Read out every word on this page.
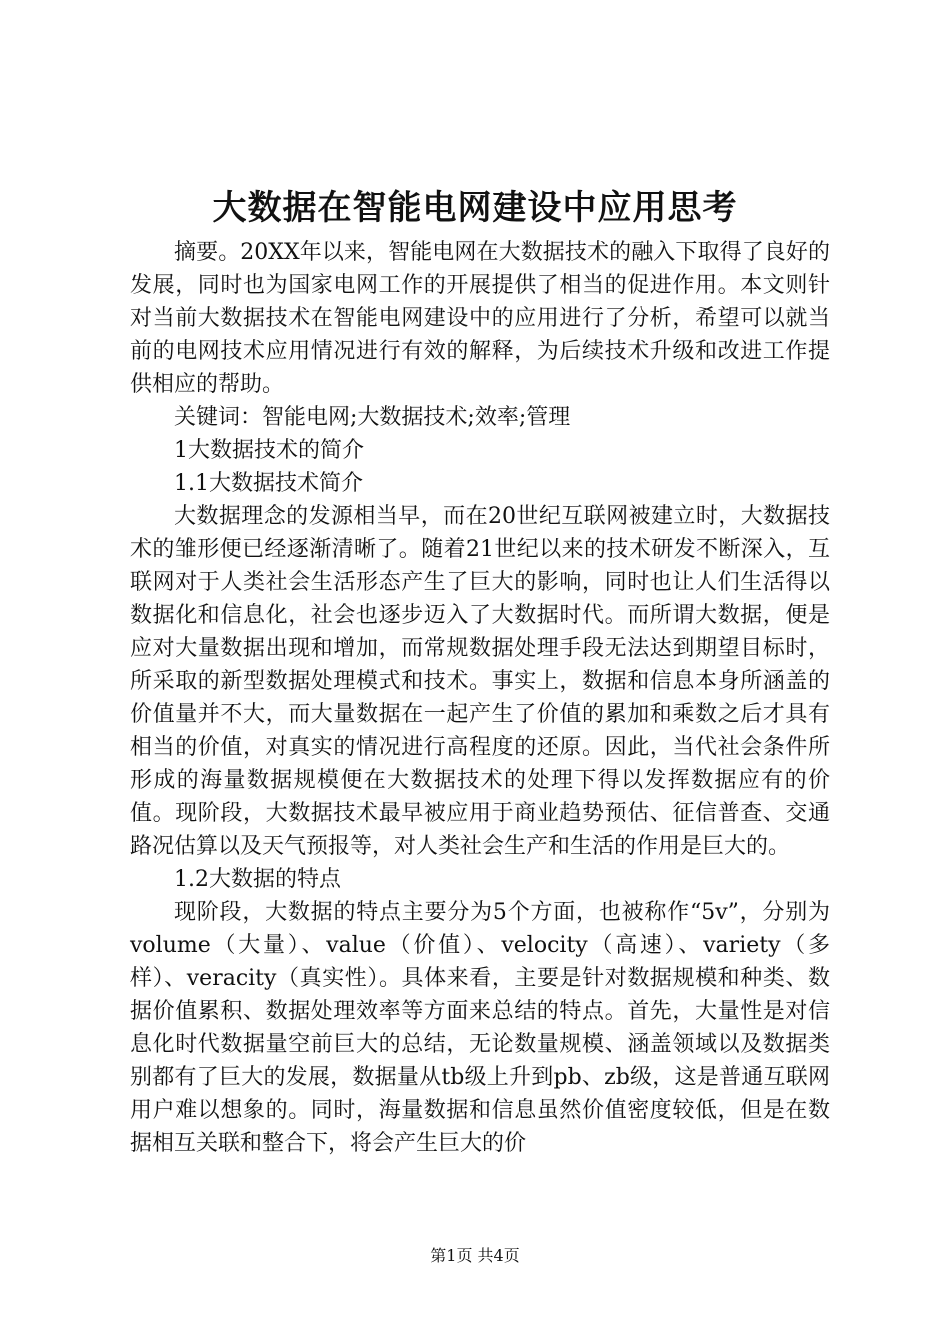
大数据在智能电网建设中应用思考

摘要。20XX年以来，智能电网在大数据技术的融入下取得了良好的发展，同时也为国家电网工作的开展提供了相当的促进作用。本文则针对当前大数据技术在智能电网建设中的应用进行了分析，希望可以就当前的电网技术应用情况进行有效的解释，为后续技术升级和改进工作提供相应的帮助。

关键词：智能电网;大数据技术;效率;管理

1大数据技术的简介

1.1大数据技术简介

大数据理念的发源相当早，而在20世纪互联网被建立时，大数据技术的雏形便已经逐渐清晰了。随着21世纪以来的技术研发不断深入，互联网对于人类社会生活形态产生了巨大的影响，同时也让人们生活得以数据化和信息化，社会也逐步迈入了大数据时代。而所谓大数据，便是应对大量数据出现和增加，而常规数据处理手段无法达到期望目标时，所采取的新型数据处理模式和技术。事实上，数据和信息本身所涵盖的价值量并不大，而大量数据在一起产生了价值的累加和乘数之后才具有相当的价值，对真实的情况进行高程度的还原。因此，当代社会条件所形成的海量数据规模便在大数据技术的处理下得以发挥数据应有的价值。现阶段，大数据技术最早被应用于商业趋势预估、征信普查、交通路况估算以及天气预报等，对人类社会生产和生活的作用是巨大的。

1.2大数据的特点

现阶段，大数据的特点主要分为5个方面，也被称作“5v”，分别为volume（大量）、value（价值）、velocity（高速）、variety（多样）、veracity（真实性）。具体来看，主要是针对数据规模和种类、数据价值累积、数据处理效率等方面来总结的特点。首先，大量性是对信息化时代数据量空前巨大的总结，无论数量规模、涵盖领域以及数据类别都有了巨大的发展，数据量从tb级上升到pb、zb级，这是普通互联网用户难以想象的。同时，海量数据和信息虽然价值密度较低，但是在数据相互关联和整合下，将会产生巨大的价

第1页 共4页
